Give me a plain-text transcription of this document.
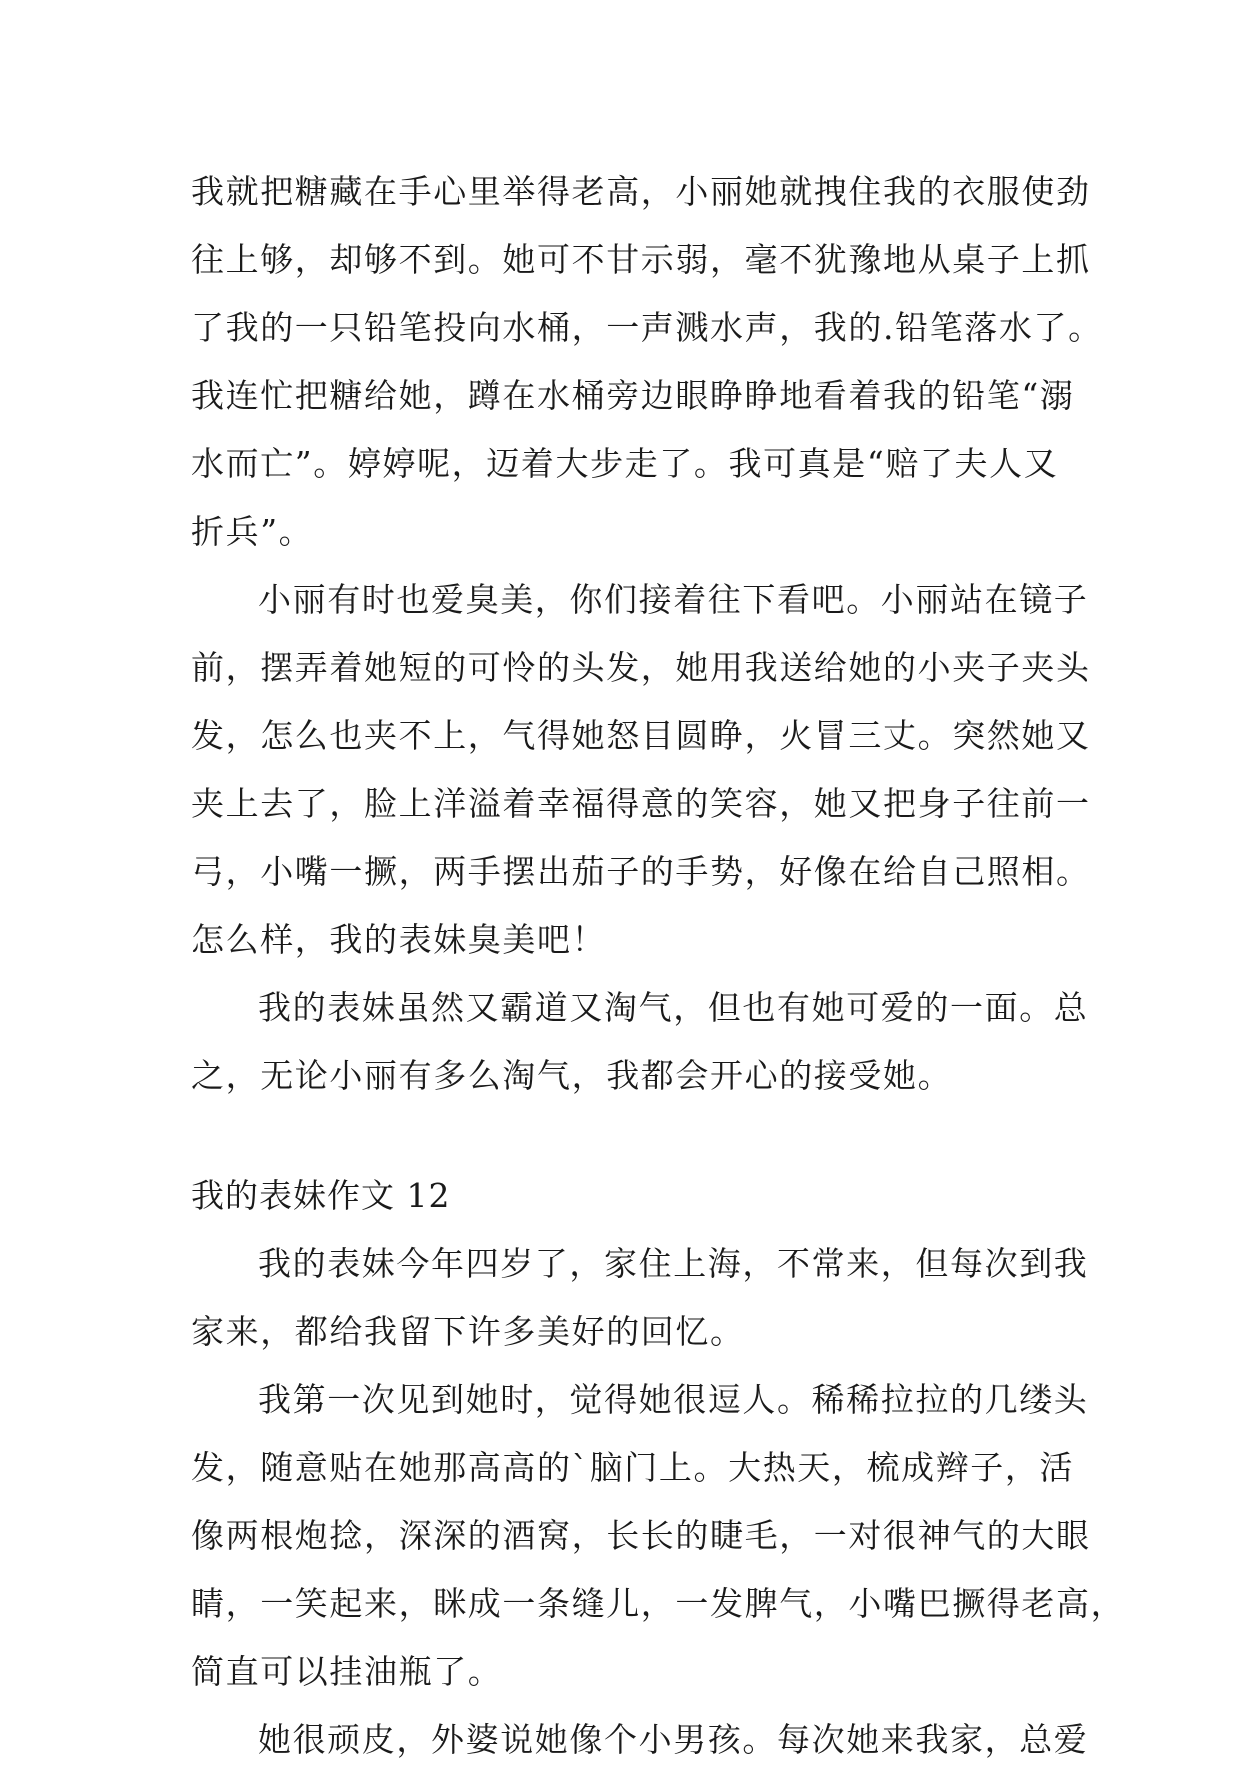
我就把糖藏在手心里举得老高，小丽她就拽住我的衣服使劲
往上够，却够不到。她可不甘示弱，毫不犹豫地从桌子上抓
了我的一只铅笔投向水桶，一声溅水声，我的.铅笔落水了。
我连忙把糖给她，蹲在水桶旁边眼睁睁地看着我的铅笔“溺
水而亡”。婷婷呢，迈着大步走了。我可真是“赔了夫人又
折兵”。
小丽有时也爱臭美，你们接着往下看吧。小丽站在镜子
前，摆弄着她短的可怜的头发，她用我送给她的小夹子夹头
发，怎么也夹不上，气得她怒目圆睁，火冒三丈。突然她又
夹上去了，脸上洋溢着幸福得意的笑容，她又把身子往前一
弓，小嘴一撅，两手摆出茄子的手势，好像在给自己照相。
怎么样，我的表妹臭美吧！
我的表妹虽然又霸道又淘气，但也有她可爱的一面。总
之，无论小丽有多么淘气，我都会开心的接受她。
我的表妹作文 12
我的表妹今年四岁了，家住上海，不常来，但每次到我
家来，都给我留下许多美好的回忆。
我第一次见到她时，觉得她很逗人。稀稀拉拉的几缕头
发，随意贴在她那高高的`脑门上。大热天，梳成辫子，活
像两根炮捻，深深的酒窝，长长的睫毛，一对很神气的大眼
睛，一笑起来，眯成一条缝儿，一发脾气，小嘴巴撅得老高，
简直可以挂油瓶了。
她很顽皮，外婆说她像个小男孩。每次她来我家，总爱
